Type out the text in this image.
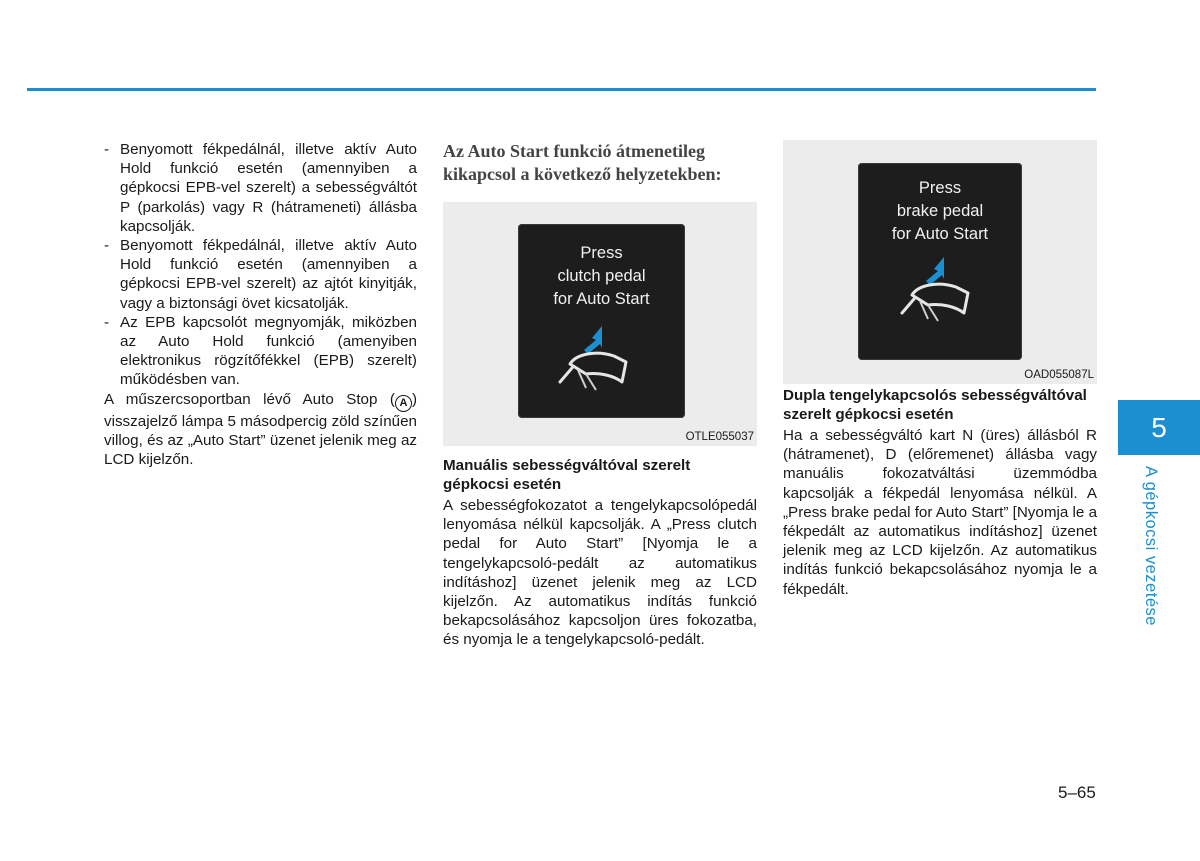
- Benyomott fékpedálnál, illetve aktív Auto Hold funkció esetén (amennyiben a gépkocsi EPB-vel szerelt) a sebességváltót P (parkolás) vagy R (hátrameneti) állásba kapcsolják.
- Benyomott fékpedálnál, illetve aktív Auto Hold funkció esetén (amennyiben a gépkocsi EPB-vel szerelt) az ajtót kinyitják, vagy a biztonsági övet kicsatolják.
- Az EPB kapcsolót megnyomják, miközben az Auto Hold funkció (amenyiben elektronikus rögzítőfékkel (EPB) szerelt) működésben van.

A műszercsoportban lévő Auto Stop ( A ) visszajelző lámpa 5 másodpercig zöld színűen villog, és az „Auto Start” üzenet jelenik meg az LCD kijelzőn.

Az Auto Start funkció átmenetileg kikapcsol a következő helyzetekben:
Press
clutch pedal
for Auto Start
OTLE055037
Manuális sebességváltóval szerelt gépkocsi esetén

A sebességfokozatot a tengelykapcsolópedál lenyomása nélkül kapcsolják. A „Press clutch pedal for Auto Start” [Nyomja le a tengelykapcsoló-pedált az automatikus indításhoz] üzenet jelenik meg az LCD kijelzőn. Az automatikus indítás funkció bekapcsolásához kapcsoljon üres fokozatba, és nyomja le a tengelykapcsoló-pedált.

Press
brake pedal
for Auto Start
OAD055087L
Dupla tengelykapcsolós sebességváltóval szerelt gépkocsi esetén

Ha a sebességváltó kart N (üres) állásból R (hátramenet), D (előremenet) állásba vagy manuális fokozatváltási üzemmódba kapcsolják a fékpedál lenyomása nélkül. A „Press brake pedal for Auto Start” [Nyomja le a fékpedált az automatikus indításhoz] üzenet jelenik meg az LCD kijelzőn. Az automatikus indítás funkció bekapcsolásához nyomja le a fékpedált.

5
A gépkocsi vezetése
5–65
